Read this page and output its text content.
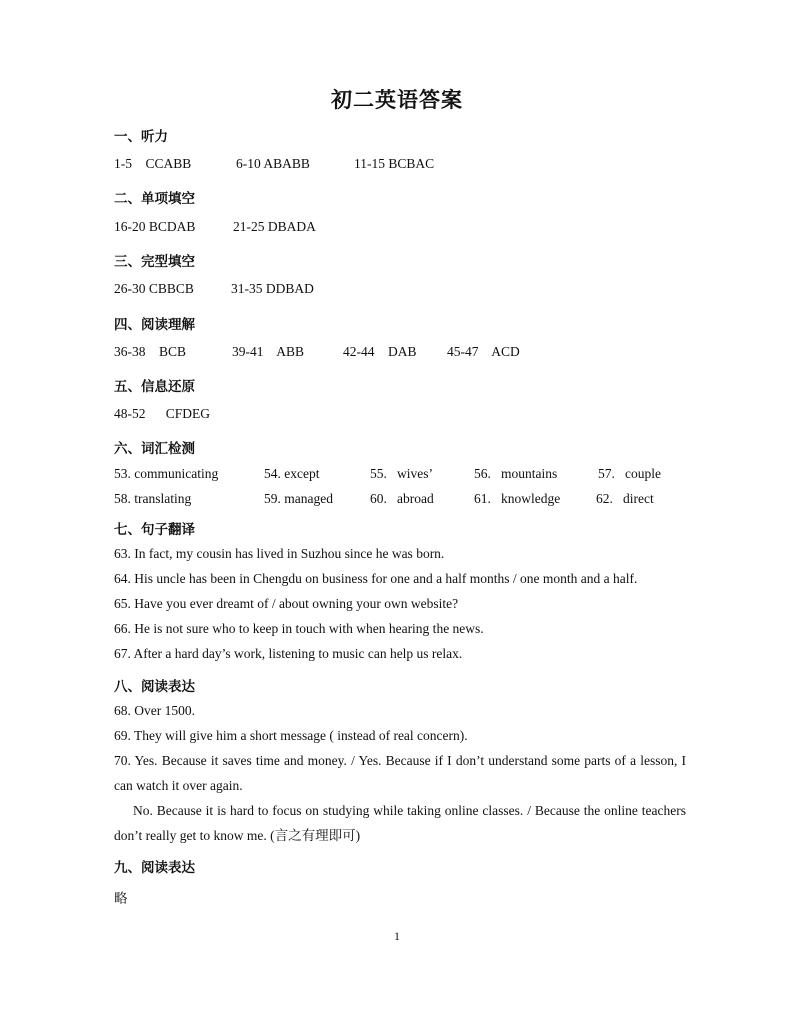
初二英语答案
一、听力
1-5    CCABB	6-10 ABABB	11-15 BCBAC
二、单项填空
16-20 BCDAB	21-25 DBADA
三、完型填空
26-30 CBBCB	31-35 DDBAD
四、阅读理解
36-38    BCB	39-41    ABB	42-44    DAB 45-47    ACD
五、信息还原
48-52      CFDEG
六、词汇检测
53. communicating	54. except	55.   wives’	56.   mountains	57.   couple
58. translating	59. managed	60.   abroad	61.   knowledge	62.   direct
七、句子翻译
63. In fact, my cousin has lived in Suzhou since he was born.
64. His uncle has been in Chengdu on business for one and a half months / one month and a half.
65. Have you ever dreamt of / about owning your own website?
66. He is not sure who to keep in touch with when hearing the news.
67. After a hard day’s work, listening to music can help us relax.
八、阅读表达
68. Over 1500.
69. They will give him a short message ( instead of real concern).
70. Yes. Because it saves time and money. / Yes. Because if I don’t understand some parts of a lesson, I can watch it over again.
No. Because it is hard to focus on studying while taking online classes. / Because the online teachers don’t really get to know me. (言之有理即可)
九、阅读表达
略
1
